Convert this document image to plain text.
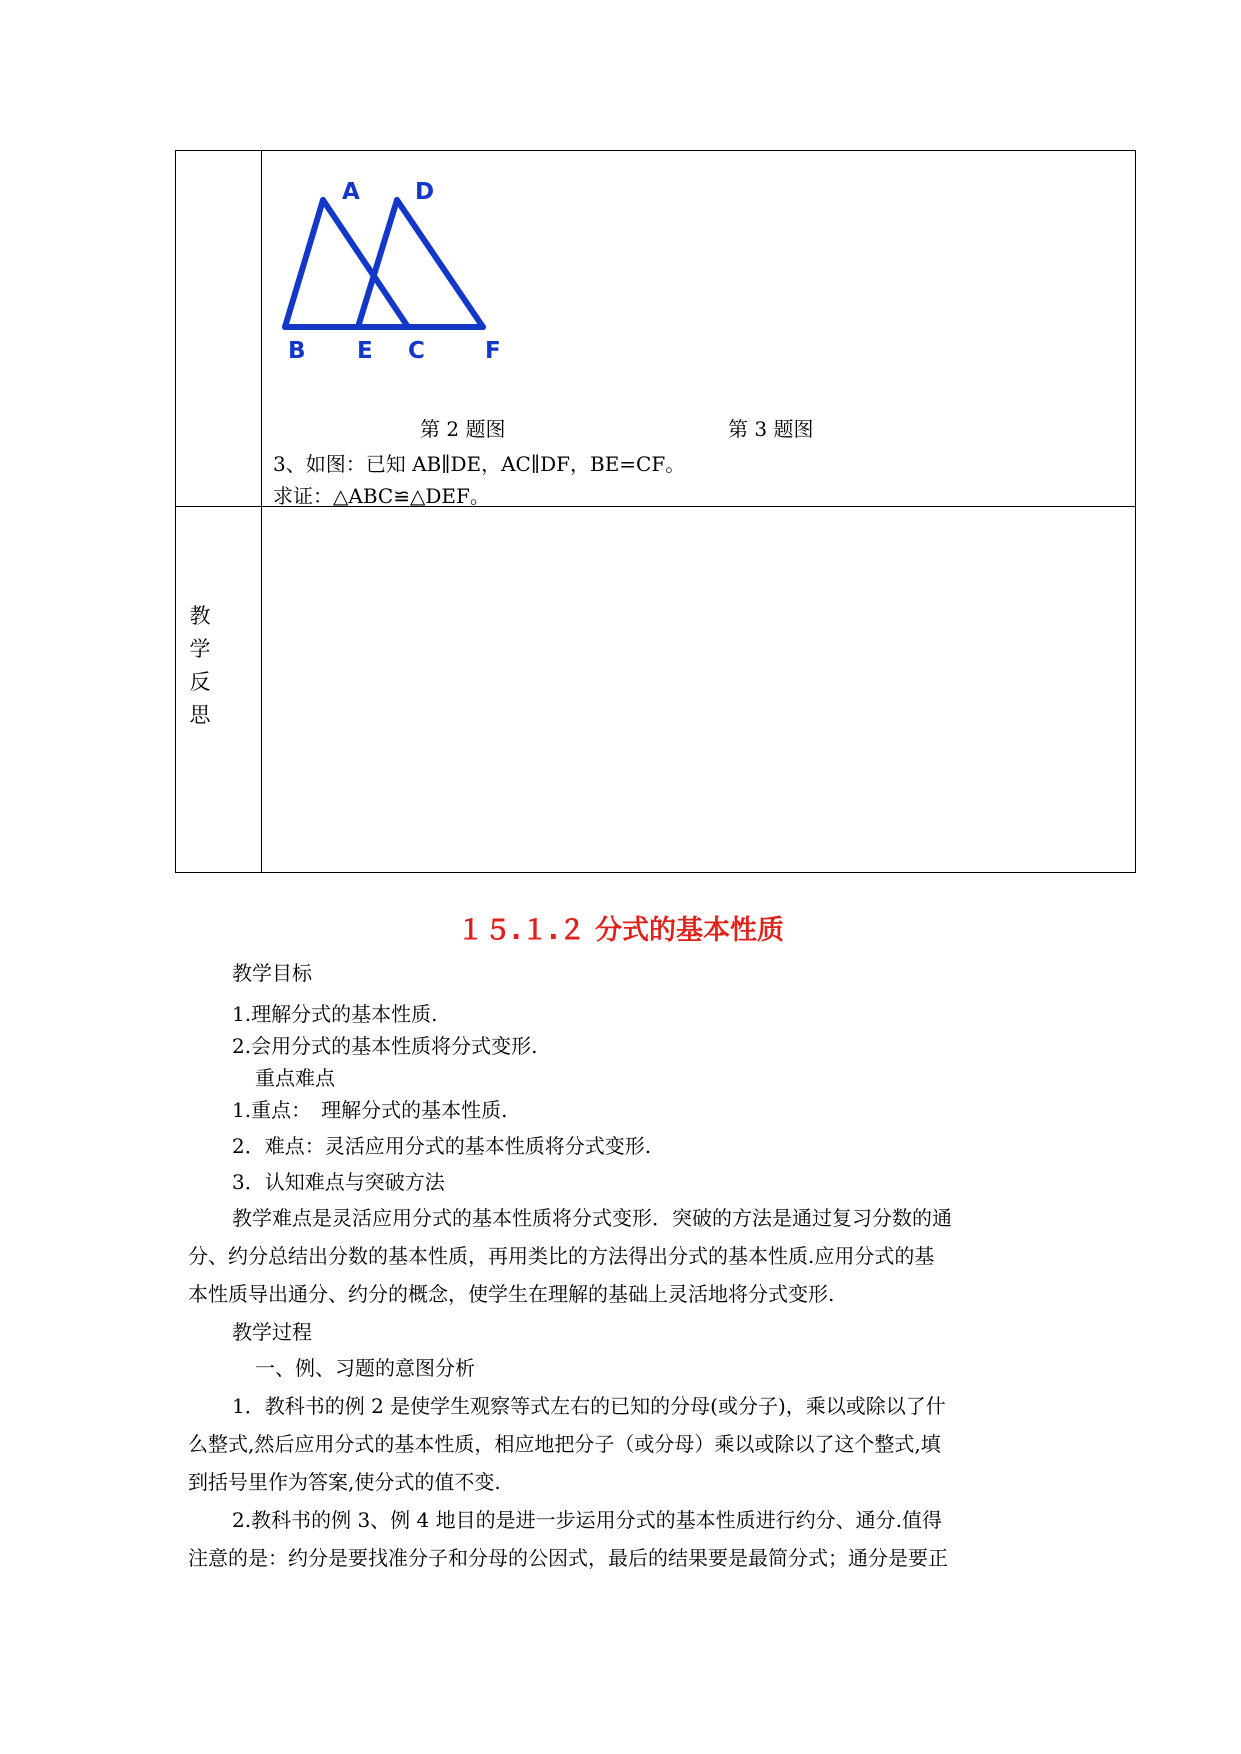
A D
B E C	F
第 2 题图	第 3 题图
3、如图：已知 AB∥DE，AC∥DF，BE=CF。
求证：△ABC≌△DEF。
教
学
反
思
１５.１.２ 分式的基本性质
教学目标
1.理解分式的基本性质.
2.会用分式的基本性质将分式变形.
重点难点
1.重点：　理解分式的基本性质.
2．难点：灵活应用分式的基本性质将分式变形.
3．认知难点与突破方法
教学难点是灵活应用分式的基本性质将分式变形．突破的方法是通过复习分数的通
分、约分总结出分数的基本性质，再用类比的方法得出分式的基本性质.应用分式的基
本性质导出通分、约分的概念，使学生在理解的基础上灵活地将分式变形.
教学过程
一、例、习题的意图分析
1．教科书的例 2 是使学生观察等式左右的已知的分母(或分子)，乘以或除以了什
么整式,然后应用分式的基本性质，相应地把分子（或分母）乘以或除以了这个整式,填
到括号里作为答案,使分式的值不变.
2.教科书的例 3、例 4 地目的是进一步运用分式的基本性质进行约分、通分.值得
注意的是：约分是要找准分子和分母的公因式，最后的结果要是最简分式；通分是要正
